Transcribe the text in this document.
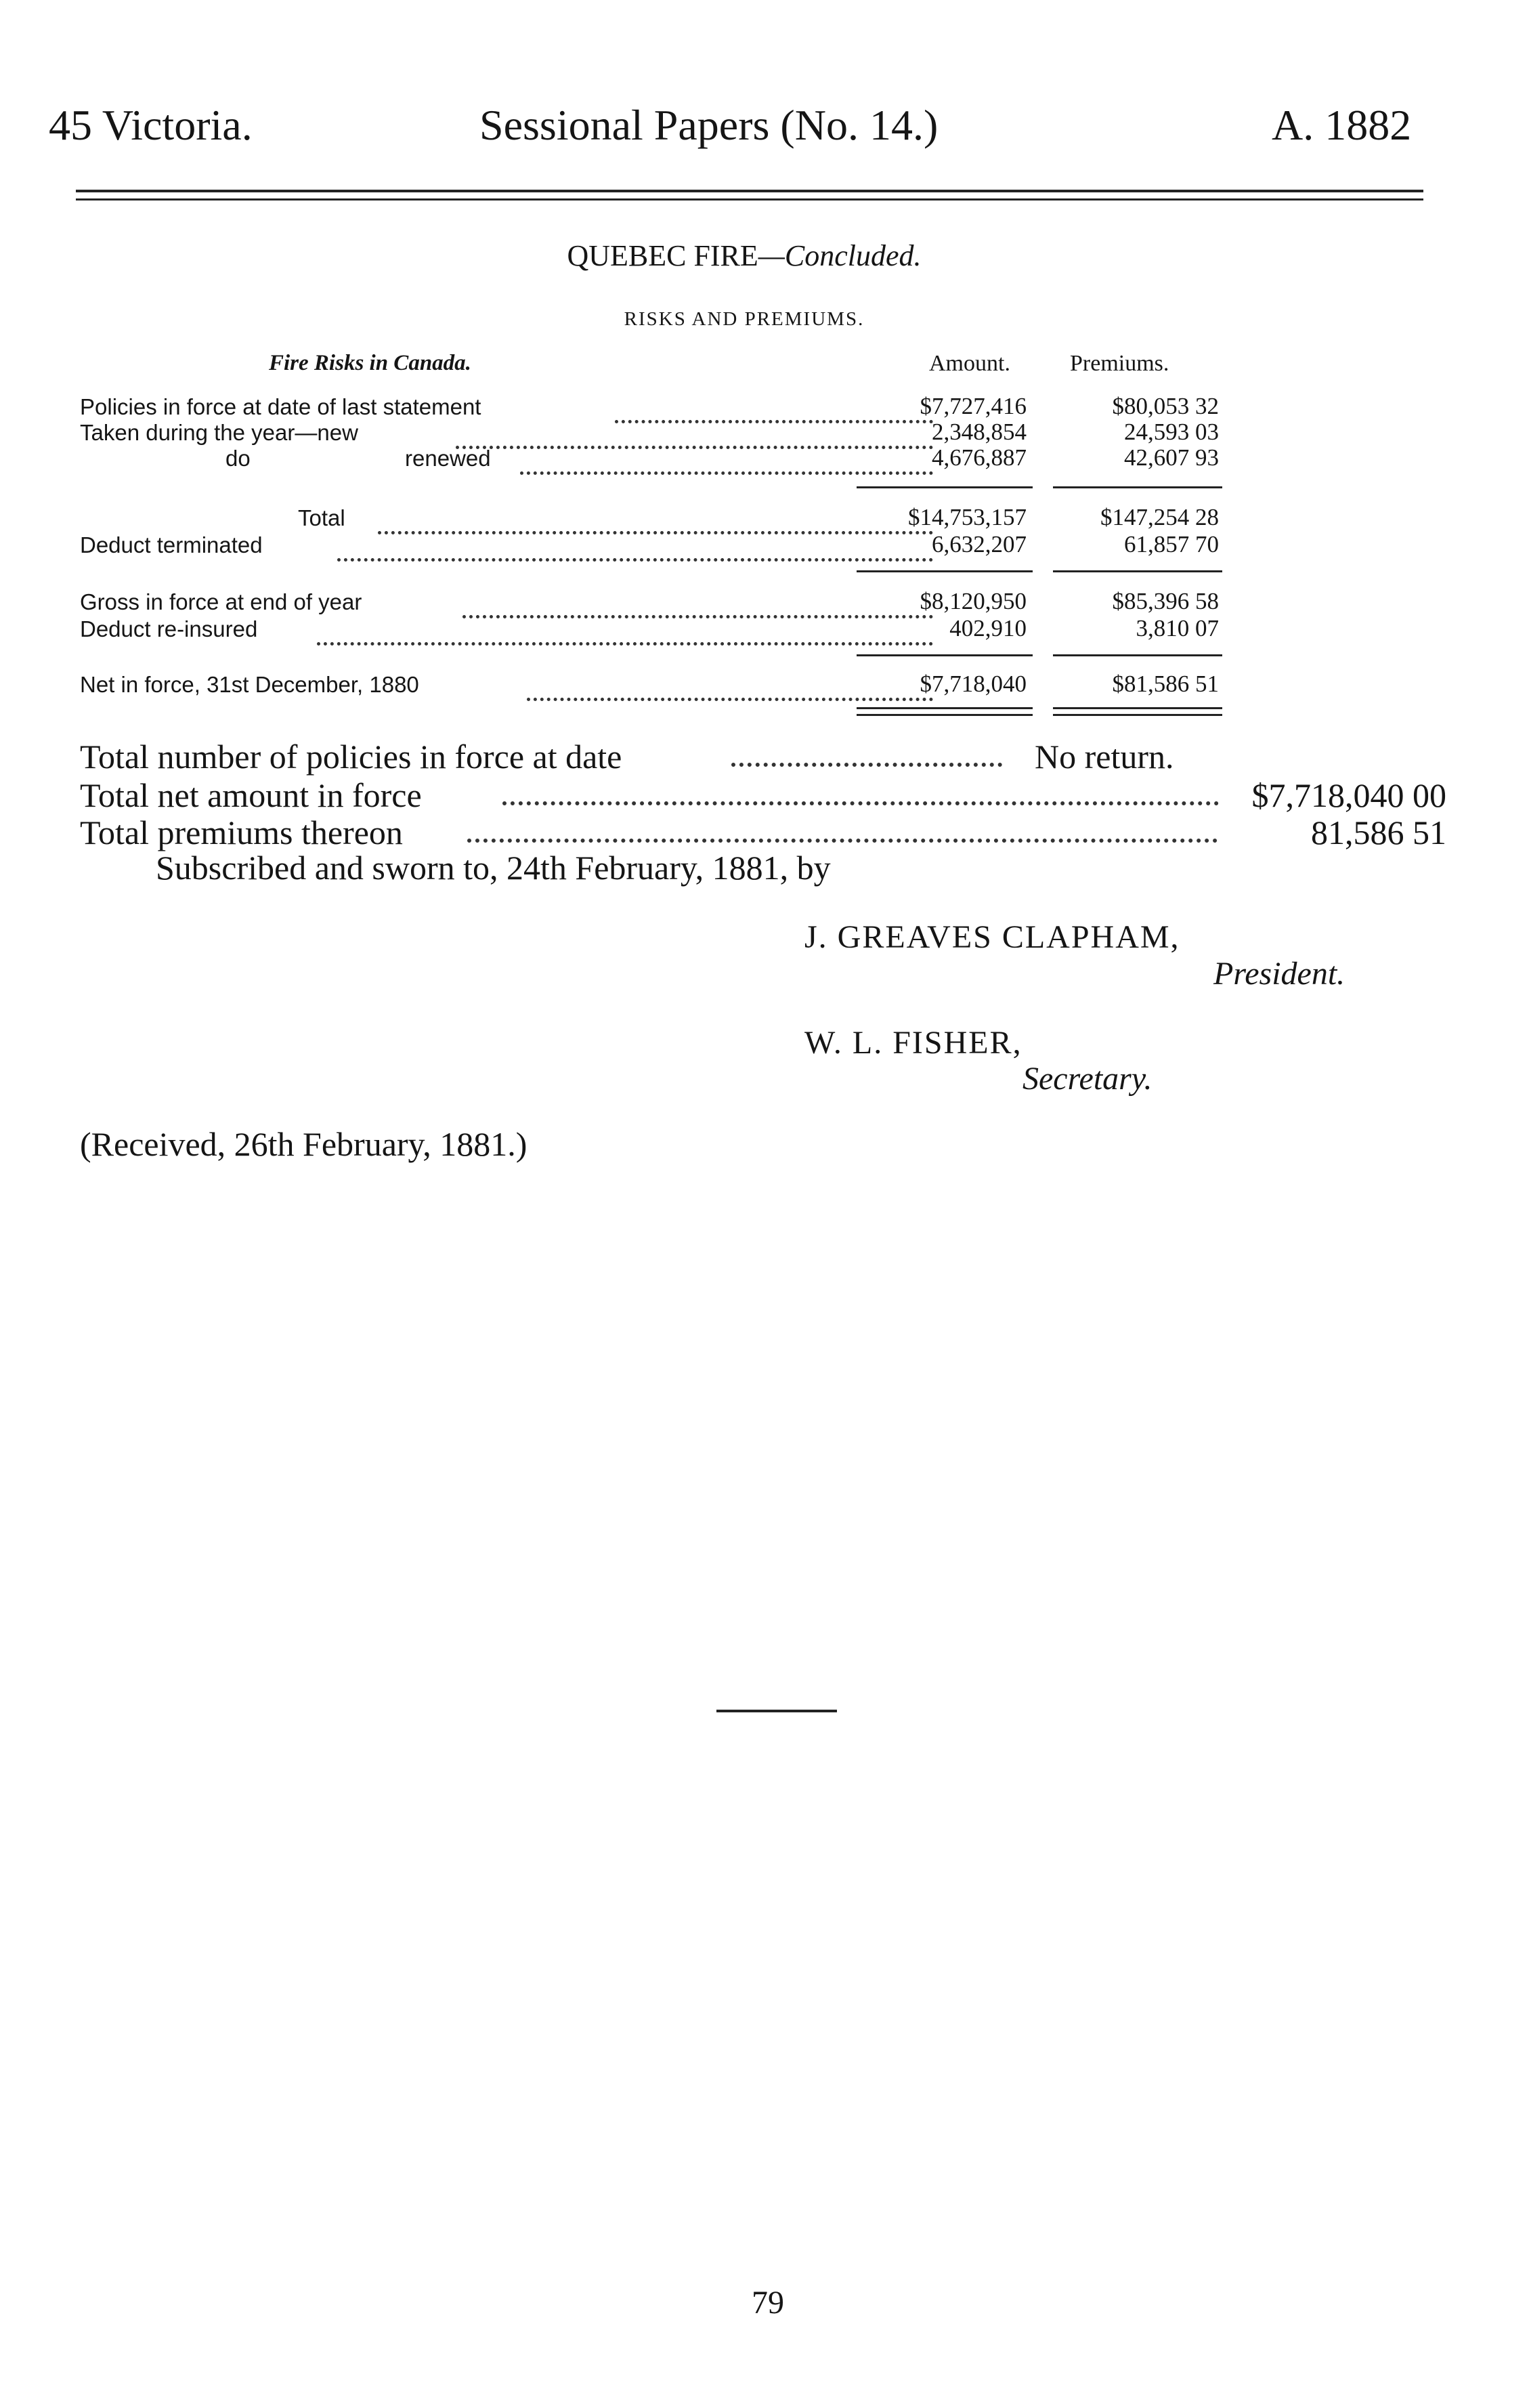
45 Victoria.	Sessional Papers (No. 14.)	A. 1882
QUEBEC FIRE—Concluded.
RISKS AND PREMIUMS.
Fire Risks in Canada.	Amount.	Premiums.
Policies in force at date of last statement	$7,727,416	$80,053 32
Taken during the year—new	2,348,854	24,593 03
do	renewed	4,676,887	42,607 93
Total	$14,753,157	$147,254 28
Deduct terminated	6,632,207	61,857 70
Gross in force at end of year	$8,120,950	$85,396 58
Deduct re-insured	402,910	3,810 07
Net in force, 31st December, 1880	$7,718,040	$81,586 51
Total number of policies in force at date	No return.
Total net amount in force	$7,718,040 00
Total premiums thereon	81,586 51
Subscribed and sworn to, 24th February, 1881, by
J. GREAVES CLAPHAM,
President.
W. L. FISHER,
Secretary.
(Received, 26th February, 1881.)
79
